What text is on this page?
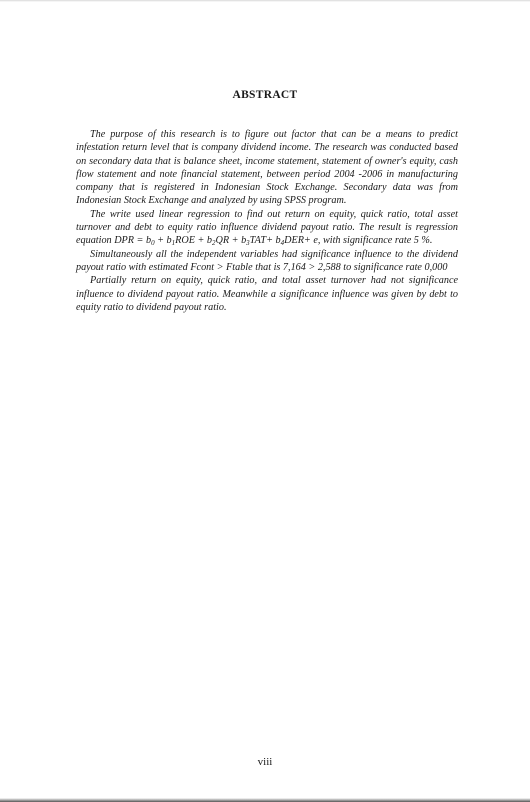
ABSTRACT

The purpose of this research is to figure out factor that can be a means to predict infestation return level that is company dividend income. The research was conducted based on secondary data that is balance sheet, income statement, statement of owner's equity, cash flow statement and note financial statement, between period 2004 -2006 in manufacturing company that is registered in Indonesian Stock Exchange. Secondary data was from Indonesian Stock Exchange and analyzed by using SPSS program.

The write used linear regression to find out return on equity, quick ratio, total asset turnover and debt to equity ratio influence dividend payout ratio. The result is regression equation DPR = $b_0 + b_1ROE + b_2QR + b_3TAT+ b_4DER+ e$, with significance rate 5 %.

Simultaneously all the independent variables had significance influence to the dividend payout ratio with estimated Fcont > Ftable that is 7,164 > 2,588 to significance rate 0,000

Partially return on equity, quick ratio, and total asset turnover had not significance influence to dividend payout ratio. Meanwhile a significance influence was given by debt to equity ratio to dividend payout ratio.

viii
